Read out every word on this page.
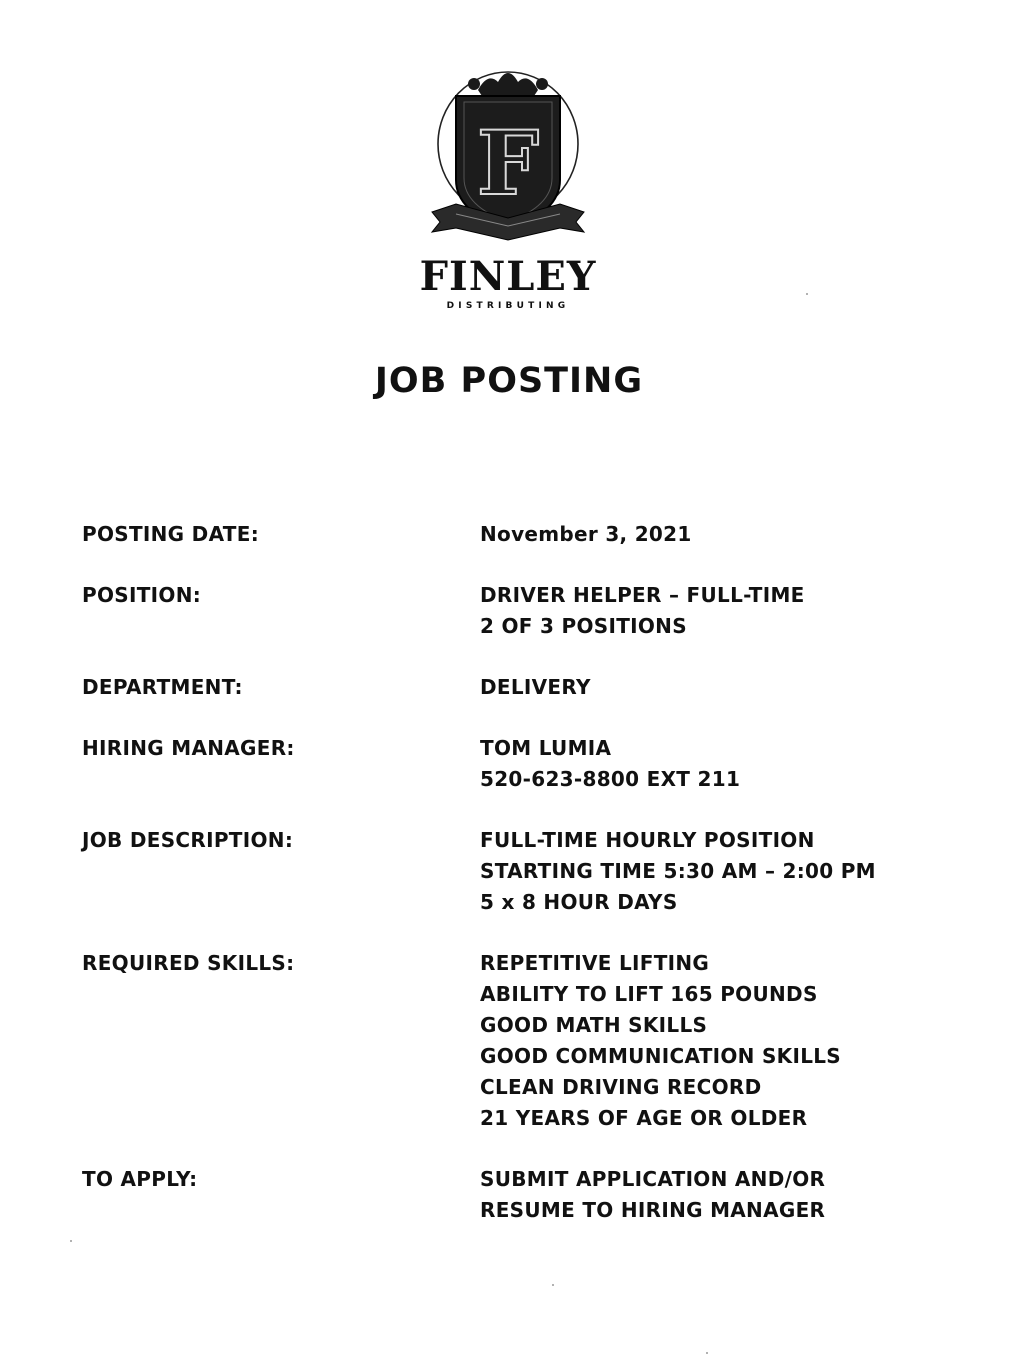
F
FINLEY
DISTRIBUTING
JOB POSTING
POSTING DATE:	November 3, 2021
POSITION:	DRIVER HELPER – FULL-TIME
2 OF 3 POSITIONS
DEPARTMENT:	DELIVERY
HIRING MANAGER:	TOM LUMIA
520-623-8800 EXT 211
JOB DESCRIPTION:	FULL-TIME HOURLY POSITION
STARTING TIME 5:30 AM – 2:00 PM
5 x 8 HOUR DAYS
REQUIRED SKILLS:	REPETITIVE LIFTING
ABILITY TO LIFT 165 POUNDS
GOOD MATH SKILLS
GOOD COMMUNICATION SKILLS
CLEAN DRIVING RECORD
21 YEARS OF AGE OR OLDER
TO APPLY:	SUBMIT APPLICATION AND/OR
RESUME TO HIRING MANAGER
